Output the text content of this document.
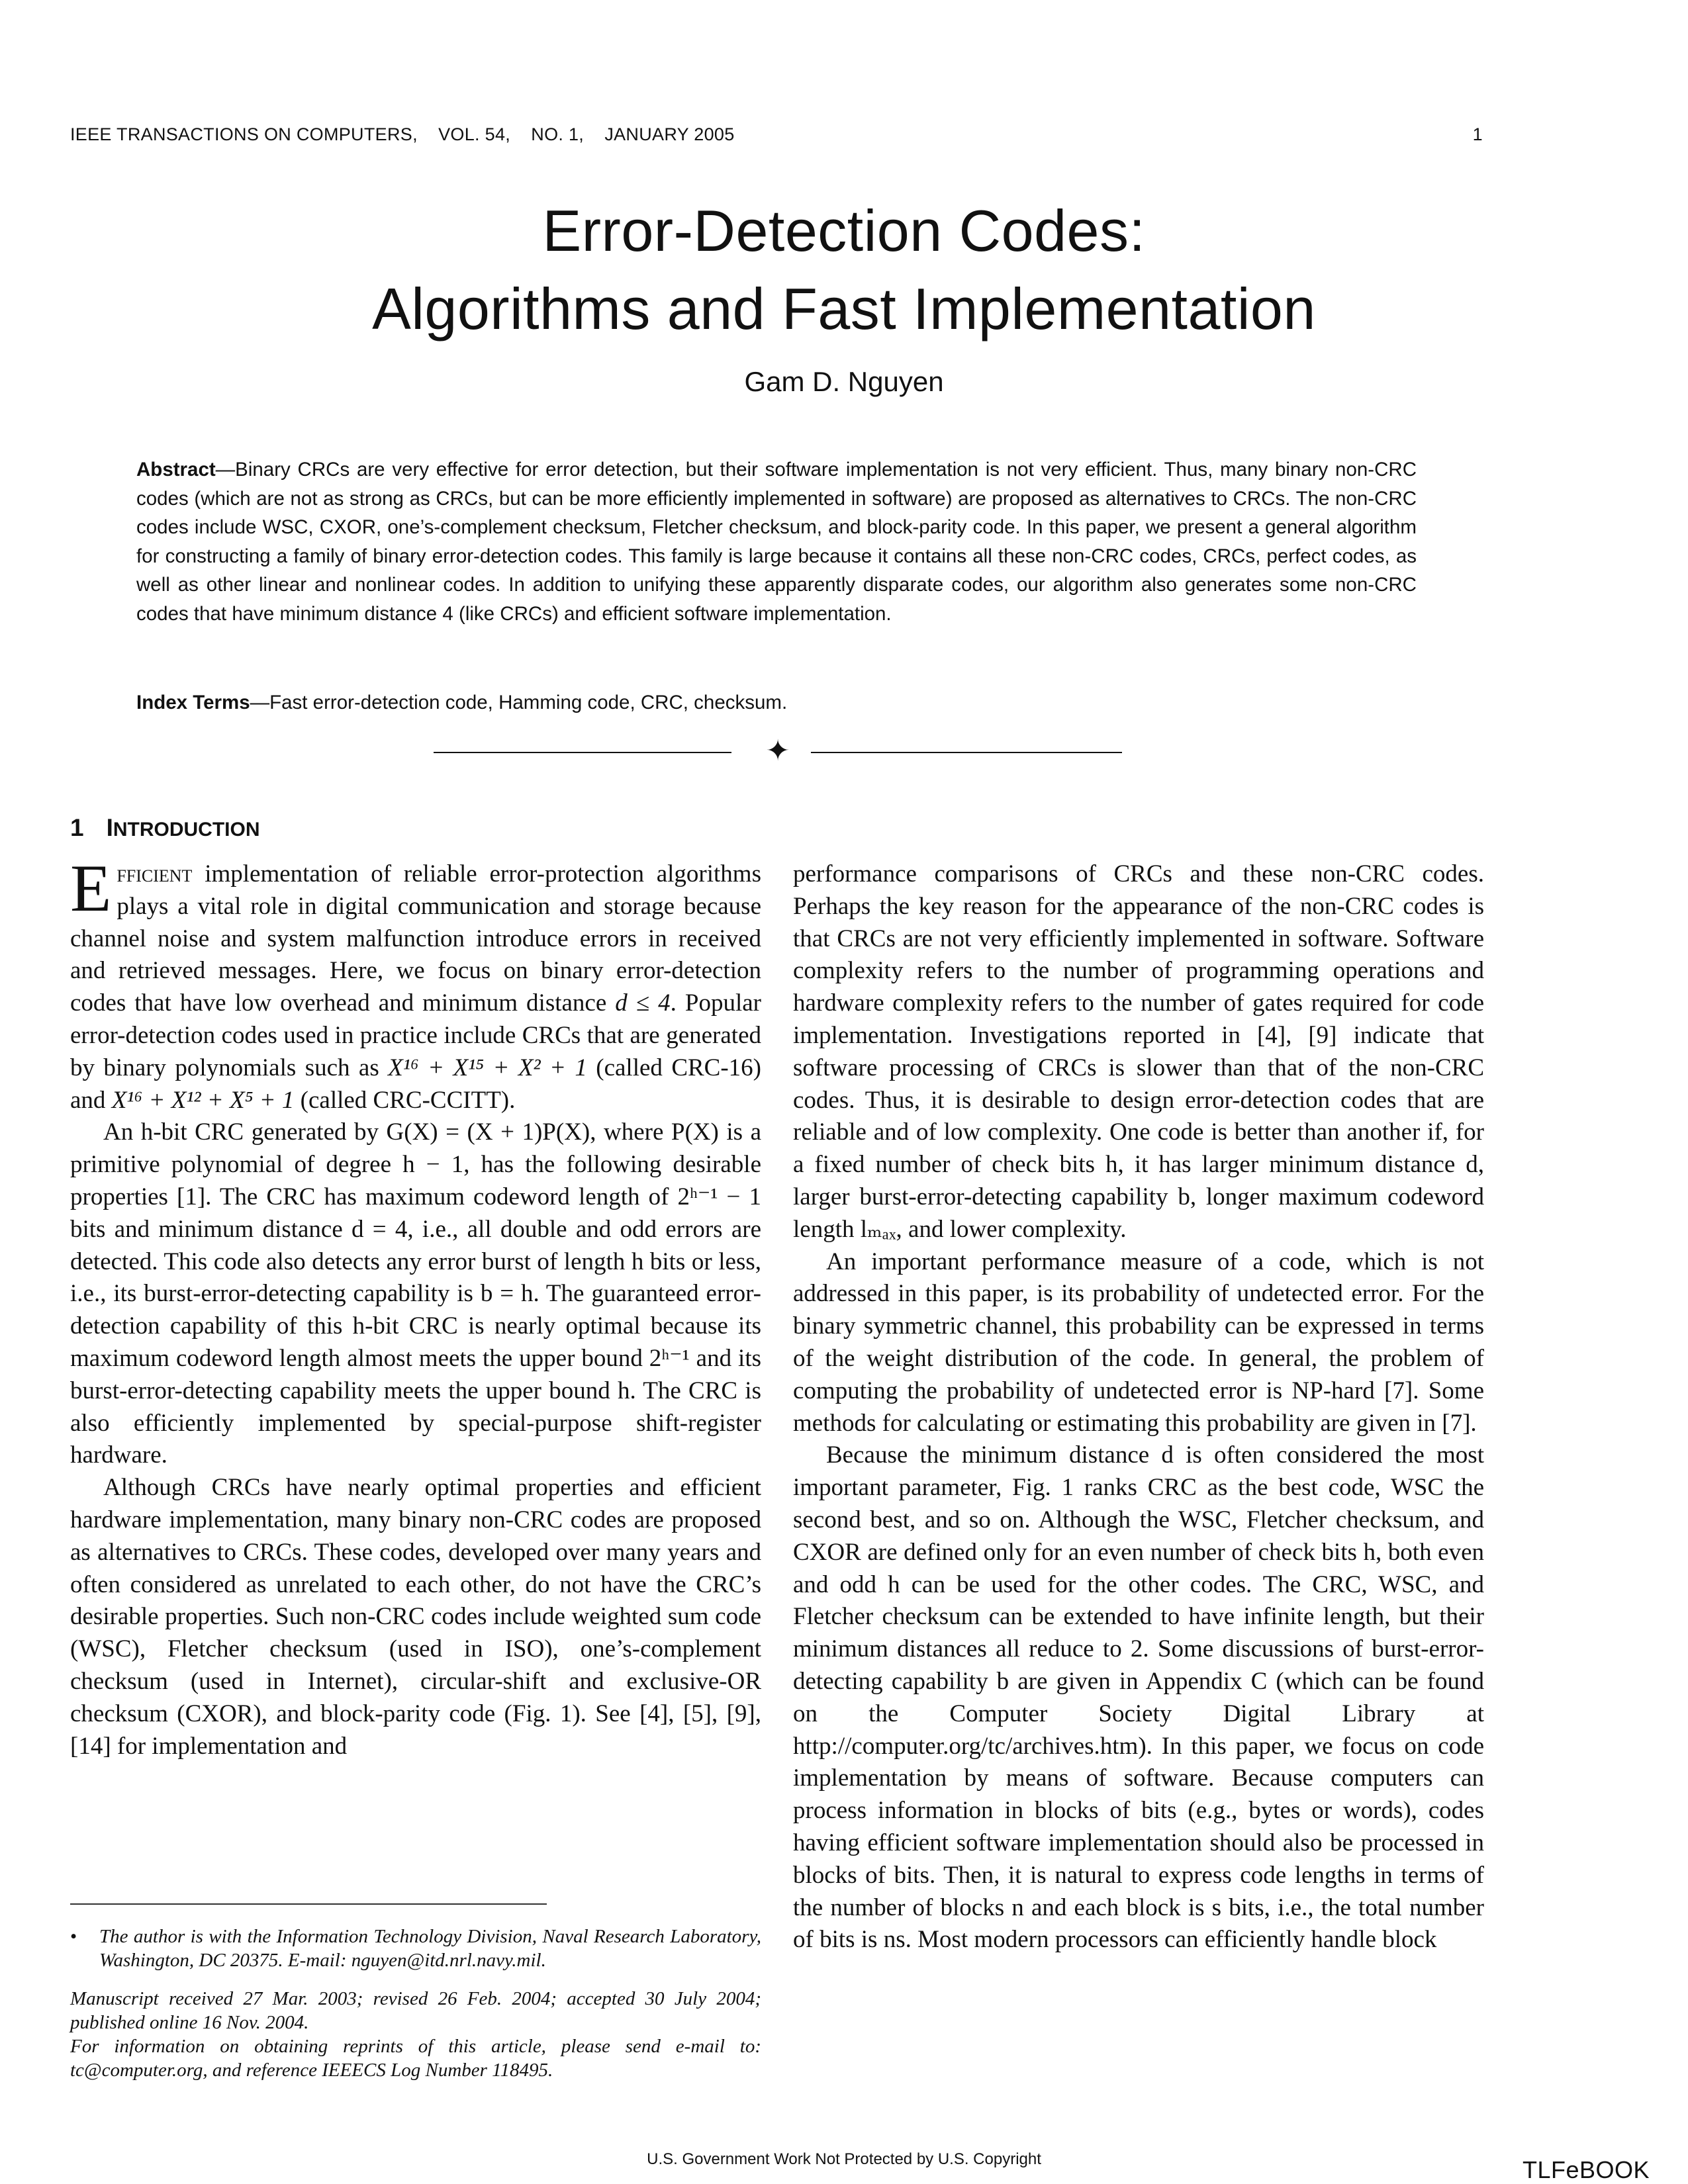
IEEE TRANSACTIONS ON COMPUTERS, VOL. 54, NO. 1, JANUARY 2005	1
Error-Detection Codes:
Algorithms and Fast Implementation
Gam D. Nguyen
Abstract—Binary CRCs are very effective for error detection, but their software implementation is not very efficient. Thus, many binary non-CRC codes (which are not as strong as CRCs, but can be more efficiently implemented in software) are proposed as alternatives to CRCs. The non-CRC codes include WSC, CXOR, one’s-complement checksum, Fletcher checksum, and block-parity code. In this paper, we present a general algorithm for constructing a family of binary error-detection codes. This family is large because it contains all these non-CRC codes, CRCs, perfect codes, as well as other linear and nonlinear codes. In addition to unifying these apparently disparate codes, our algorithm also generates some non-CRC codes that have minimum distance 4 (like CRCs) and efficient software implementation.
Index Terms—Fast error-detection code, Hamming code, CRC, checksum.
✦
1 INTRODUCTION

Efficient implementation of reliable error-protection algorithms plays a vital role in digital communication and storage because channel noise and system malfunction introduce errors in received and retrieved messages. Here, we focus on binary error-detection codes that have low overhead and minimum distance d ≤ 4. Popular error-detection codes used in practice include CRCs that are generated by binary polynomials such as X¹⁶ + X¹⁵ + X² + 1 (called CRC-16) and X¹⁶ + X¹² + X⁵ + 1 (called CRC-CCITT).

An h-bit CRC generated by G(X) = (X + 1)P(X), where P(X) is a primitive polynomial of degree h − 1, has the following desirable properties [1]. The CRC has maximum codeword length of 2ʰ⁻¹ − 1 bits and minimum distance d = 4, i.e., all double and odd errors are detected. This code also detects any error burst of length h bits or less, i.e., its burst-error-detecting capability is b = h. The guaranteed error-detection capability of this h-bit CRC is nearly optimal because its maximum codeword length almost meets the upper bound 2ʰ⁻¹ and its burst-error-detecting capability meets the upper bound h. The CRC is also efficiently implemented by special-purpose shift-register hardware.

Although CRCs have nearly optimal properties and efficient hardware implementation, many binary non-CRC codes are proposed as alternatives to CRCs. These codes, developed over many years and often considered as unrelated to each other, do not have the CRC’s desirable properties. Such non-CRC codes include weighted sum code (WSC), Fletcher checksum (used in ISO), one’s-complement checksum (used in Internet), circular-shift and exclusive-OR checksum (CXOR), and block-parity code (Fig. 1). See [4], [5], [9], [14] for implementation and

performance comparisons of CRCs and these non-CRC codes. Perhaps the key reason for the appearance of the non-CRC codes is that CRCs are not very efficiently implemented in software. Software complexity refers to the number of programming operations and hardware complexity refers to the number of gates required for code implementation. Investigations reported in [4], [9] indicate that software processing of CRCs is slower than that of the non-CRC codes. Thus, it is desirable to design error-detection codes that are reliable and of low complexity. One code is better than another if, for a fixed number of check bits h, it has larger minimum distance d, larger burst-error-detecting capability b, longer maximum codeword length lₘₐₓ, and lower complexity.

An important performance measure of a code, which is not addressed in this paper, is its probability of undetected error. For the binary symmetric channel, this probability can be expressed in terms of the weight distribution of the code. In general, the problem of computing the probability of undetected error is NP-hard [7]. Some methods for calculating or estimating this probability are given in [7].

Because the minimum distance d is often considered the most important parameter, Fig. 1 ranks CRC as the best code, WSC the second best, and so on. Although the WSC, Fletcher checksum, and CXOR are defined only for an even number of check bits h, both even and odd h can be used for the other codes. The CRC, WSC, and Fletcher checksum can be extended to have infinite length, but their minimum distances all reduce to 2. Some discussions of burst-error-detecting capability b are given in Appendix C (which can be found on the Computer Society Digital Library at http://computer.org/tc/archives.htm). In this paper, we focus on code implementation by means of software. Because computers can process information in blocks of bits (e.g., bytes or words), codes having efficient software implementation should also be processed in blocks of bits. Then, it is natural to express code lengths in terms of the number of blocks n and each block is s bits, i.e., the total number of bits is ns. Most modern processors can efficiently handle block

• The author is with the Information Technology Division, Naval Research Laboratory, Washington, DC 20375. E-mail: nguyen@itd.nrl.navy.mil.

Manuscript received 27 Mar. 2003; revised 26 Feb. 2004; accepted 30 July 2004; published online 16 Nov. 2004.

For information on obtaining reprints of this article, please send e-mail to: tc@computer.org, and reference IEEECS Log Number 118495.

U.S. Government Work Not Protected by U.S. Copyright	TLFeBOOK
